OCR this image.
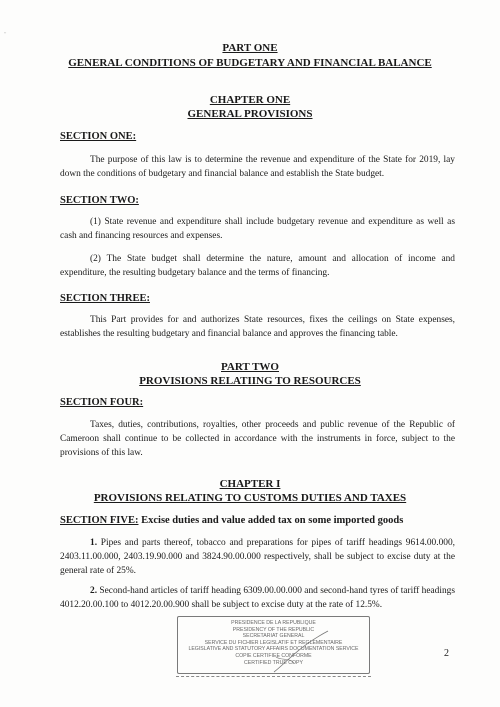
"
PART ONE
GENERAL CONDITIONS OF BUDGETARY AND FINANCIAL BALANCE
CHAPTER ONE
GENERAL PROVISIONS
SECTION ONE:
The purpose of this law is to determine the revenue and expenditure of the State for 2019, lay down the conditions of budgetary and financial balance and establish the State budget.
SECTION TWO:
(1) State revenue and expenditure shall include budgetary revenue and expenditure as well as cash and financing resources and expenses.
(2) The State budget shall determine the nature, amount and allocation of income and expenditure, the resulting budgetary balance and the terms of financing.
SECTION THREE:
This Part provides for and authorizes State resources, fixes the ceilings on State expenses, establishes the resulting budgetary and financial balance and approves the financing table.
PART TWO
PROVISIONS RELATIING TO RESOURCES
SECTION FOUR:
Taxes, duties, contributions, royalties, other proceeds and public revenue of the Republic of Cameroon shall continue to be collected in accordance with the instruments in force, subject to the provisions of this law.
CHAPTER I
PROVISIONS RELATING TO CUSTOMS DUTIES AND TAXES
SECTION FIVE: Excise duties and value added tax on some imported goods
1. Pipes and parts thereof, tobacco and preparations for pipes of tariff headings 9614.00.000, 2403.11.00.000, 2403.19.90.000 and 3824.90.00.000 respectively, shall be subject to excise duty at the general rate of 25%.
2. Second-hand articles of tariff heading 6309.00.00.000 and second-hand tyres of tariff headings 4012.20.00.100 to 4012.20.00.900 shall be subject to excise duty at the rate of 12.5%.
PRESIDENCE DE LA REPUBLIQUE
PRESIDENCY OF THE REPUBLIC
SECRETARIAT GENERAL
SERVICE DU FICHIER LEGISLATIF ET REGLEMENTAIRE
LEGISLATIVE AND STATUTORY AFFAIRS DOCUMENTATION SERVICE
COPIE CERTIFIEE CONFORME
CERTIFIED TRUE COPY
2
